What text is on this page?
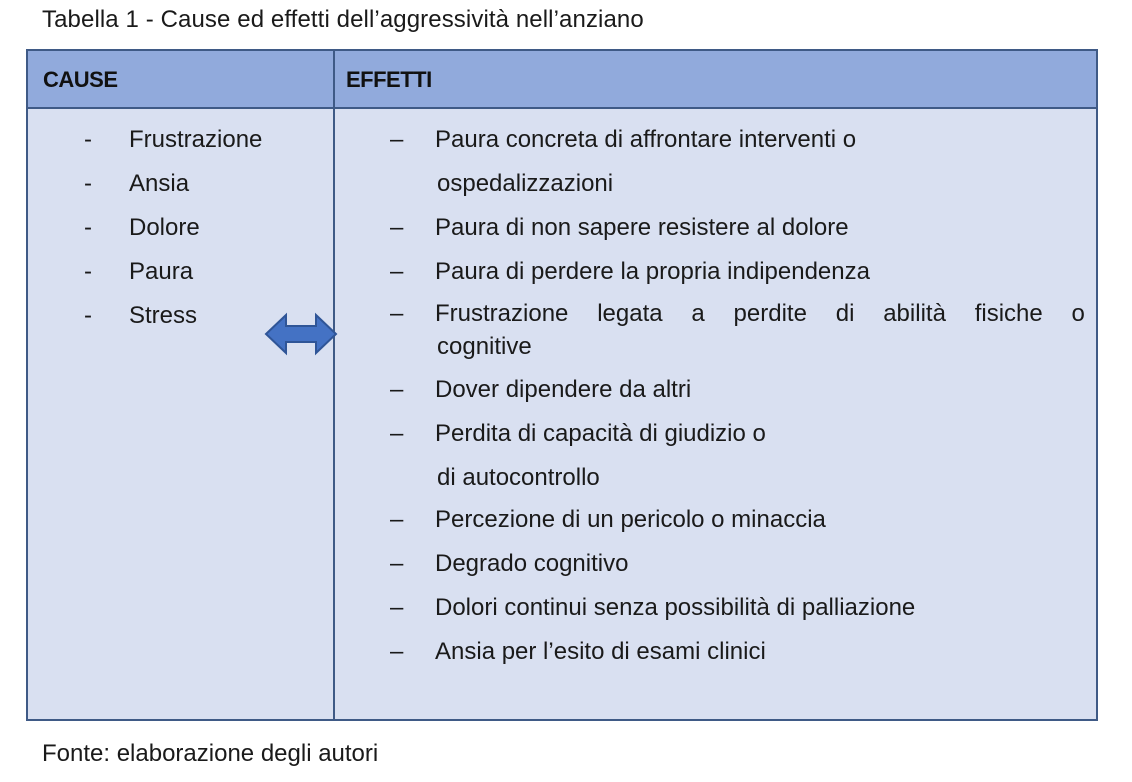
Tabella 1 - Cause ed effetti dell’aggressività nell’anziano
CAUSE	EFFETTI
-	Frustrazione
-	Ansia
-	Dolore
-	Paura
-	Stress
– Paura concreta di affrontare interventi o
ospedalizzazioni
– Paura di non sapere resistere al dolore
– Paura di perdere la propria indipendenza
– Frustrazione legata a perdite di abilità fisiche o
cognitive
– Dover dipendere da altri
– Perdita di capacità di giudizio o
di autocontrollo
– Percezione di un pericolo o minaccia
– Degrado cognitivo
– Dolori continui senza possibilità di palliazione
– Ansia per l’esito di esami clinici
Fonte: elaborazione degli autori
